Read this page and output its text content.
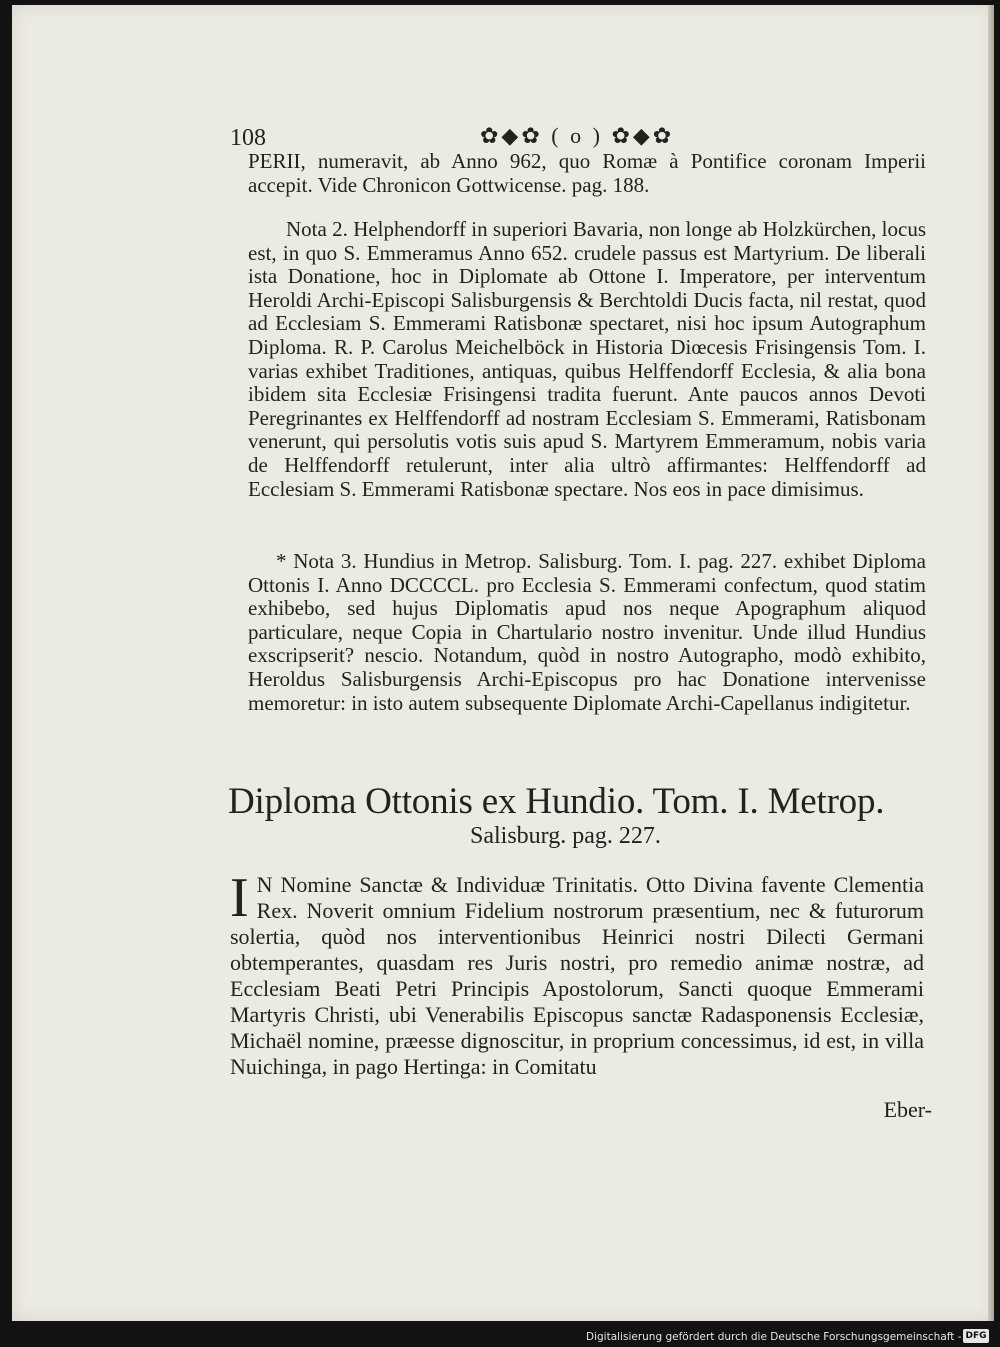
108	✿◆✿ ( o ) ✿◆✿
PERII, numeravit, ab Anno 962, quo Romæ à Pontifice coronam Imperii accepit. Vide Chronicon Gottwicense. pag. 188.
Nota 2. Helphendorff in superiori Bavaria, non longe ab Holzkürchen, locus est, in quo S. Emmeramus Anno 652. crudele passus est Martyrium. De liberali ista Donatione, hoc in Diplomate ab Ottone I. Imperatore, per interventum Heroldi Archi-Episcopi Salisburgensis & Berchtoldi Ducis facta, nil restat, quod ad Ecclesiam S. Emmerami Ratisbonæ spectaret, nisi hoc ipsum Autographum Diploma. R. P. Carolus Meichelböck in Historia Diœcesis Frisingensis Tom. I. varias exhibet Traditiones, antiquas, quibus Helffendorff Ecclesia, & alia bona ibidem sita Ecclesiæ Frisingensi tradita fuerunt. Ante paucos annos Devoti Peregrinantes ex Helffendorff ad nostram Ecclesiam S. Emmerami, Ratisbonam venerunt, qui persolutis votis suis apud S. Martyrem Emmeramum, nobis varia de Helffendorff retulerunt, inter alia ultrò affirmantes: Helffendorff ad Ecclesiam S. Emmerami Ratisbonæ spectare. Nos eos in pace dimisimus.
* Nota 3. Hundius in Metrop. Salisburg. Tom. I. pag. 227. exhibet Diploma Ottonis I. Anno DCCCCL. pro Ecclesia S. Emmerami confectum, quod statim exhibebo, sed hujus Diplomatis apud nos neque Apographum aliquod particulare, neque Copia in Chartulario nostro invenitur. Unde illud Hundius exscripserit? nescio. Notandum, quòd in nostro Autographo, modò exhibito, Heroldus Salisburgensis Archi-Episcopus pro hac Donatione intervenisse memoretur: in isto autem subsequente Diplomate Archi-Capellanus indigitetur.
Diploma Ottonis ex Hundio. Tom. I. Metrop.
Salisburg. pag. 227.
I N Nomine Sanctæ & Individuæ Trinitatis. Otto Divina favente Clementia Rex. Noverit omnium Fidelium nostrorum præsentium, nec & futurorum solertia, quòd nos interventionibus Heinrici nostri Dilecti Germani obtemperantes, quasdam res Juris nostri, pro remedio animæ nostræ, ad Ecclesiam Beati Petri Principis Apostolorum, Sancti quoque Emmerami Martyris Christi, ubi Venerabilis Episcopus sanctæ Radasponensis Ecclesiæ, Michaël nomine, præesse dignoscitur, in proprium concessimus, id est, in villa Nuichinga, in pago Hertinga: in Comitatu
Eber-
Digitalisierung gefördert durch die Deutsche Forschungsgemeinschaft - DFG
